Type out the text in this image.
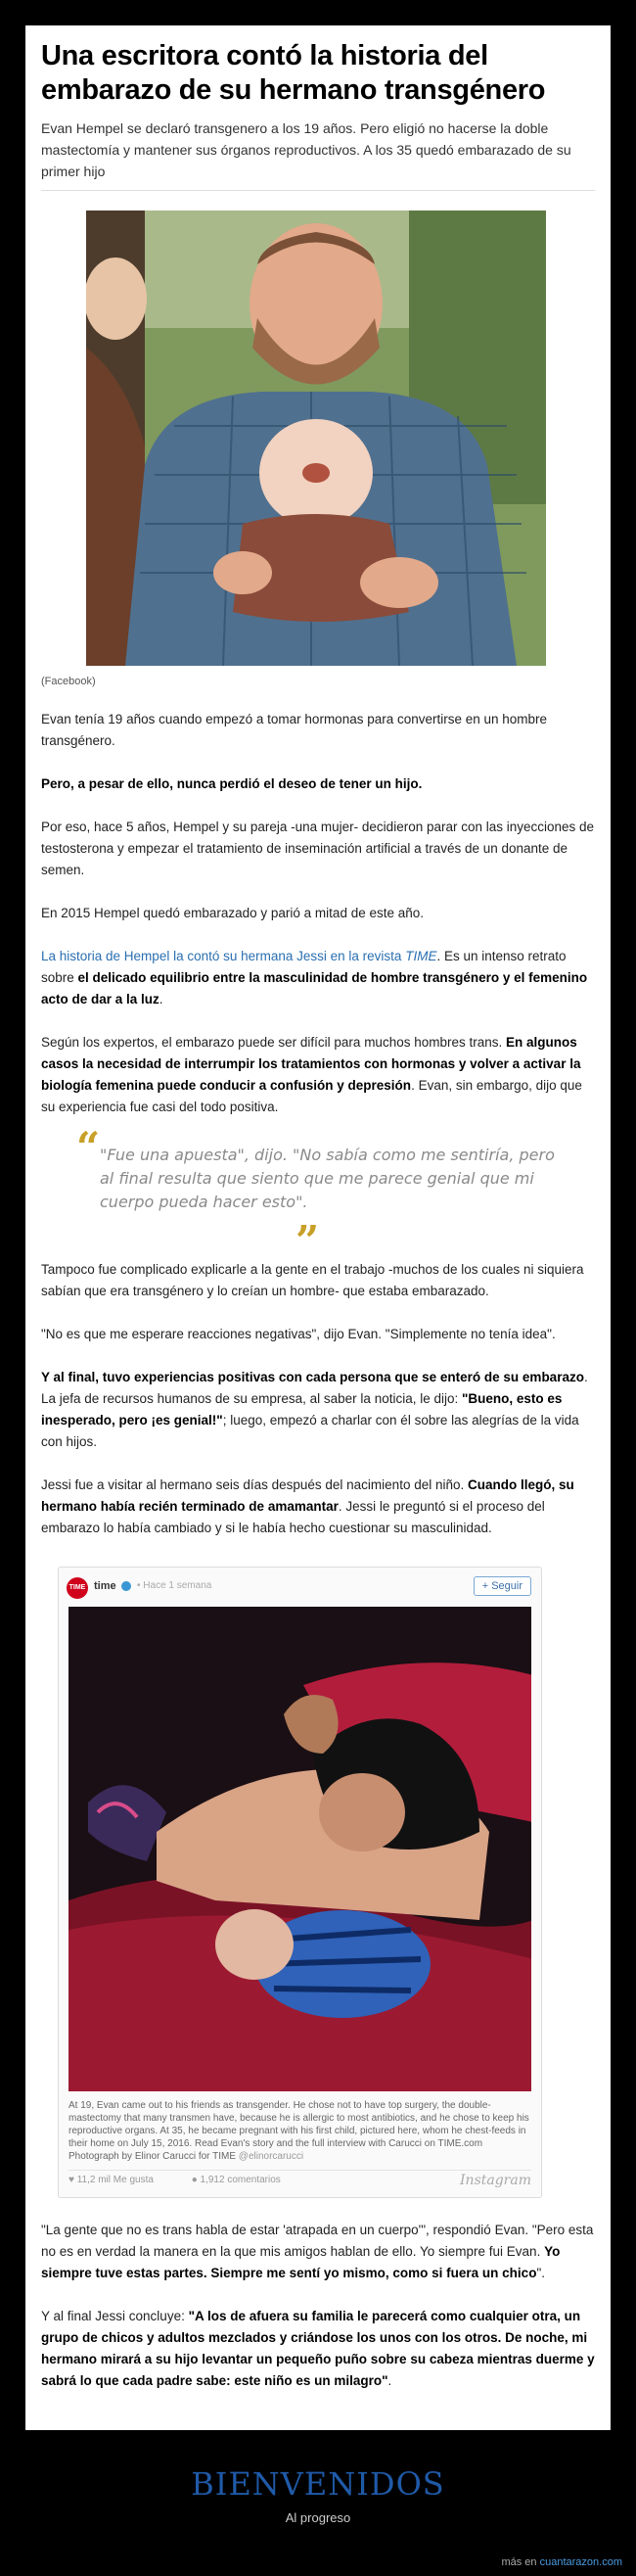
Una escritora contó la historia del embarazo de su hermano transgénero
Evan Hempel se declaró transgenero a los 19 años. Pero eligió no hacerse la doble mastectomía y mantener sus órganos reproductivos. A los 35 quedó embarazado de su primer hijo
(Facebook)

Evan tenía 19 años cuando empezó a tomar hormonas para convertirse en un hombre transgénero.

Pero, a pesar de ello, nunca perdió el deseo de tener un hijo.

Por eso, hace 5 años, Hempel y su pareja -una mujer- decidieron parar con las inyecciones de testosterona y empezar el tratamiento de inseminación artificial a través de un donante de semen.

En 2015 Hempel quedó embarazado y parió a mitad de este año.

La historia de Hempel la contó su hermana Jessi en la revista TIME. Es un intenso retrato sobre el delicado equilibrio entre la masculinidad de hombre transgénero y el femenino acto de dar a la luz.

Según los expertos, el embarazo puede ser difícil para muchos hombres trans. En algunos casos la necesidad de interrumpir los tratamientos con hormonas y volver a activar la biología femenina puede conducir a confusión y depresión. Evan, sin embargo, dijo que su experiencia fue casi del todo positiva.

“ "Fue una apuesta", dijo. "No sabía como me sentiría, pero al final resulta que siento que me parece genial que mi cuerpo pueda hacer esto".
”

Tampoco fue complicado explicarle a la gente en el trabajo -muchos de los cuales ni siquiera sabían que era transgénero y lo creían un hombre- que estaba embarazado.

"No es que me esperare reacciones negativas", dijo Evan. "Simplemente no tenía idea".

Y al final, tuvo experiencias positivas con cada persona que se enteró de su embarazo. La jefa de recursos humanos de su empresa, al saber la noticia, le dijo: "Bueno, esto es inesperado, pero ¡es genial!"; luego, empezó a charlar con él sobre las alegrías de la vida con hijos.

Jessi fue a visitar al hermano seis días después del nacimiento del niño. Cuando llegó, su hermano había recién terminado de amamantar. Jessi le preguntó si el proceso del embarazo lo había cambiado y si le había hecho cuestionar su masculinidad.

TIME time • Hace 1 semana	+ Seguir
At 19, Evan came out to his friends as transgender. He chose not to have top surgery, the double-mastectomy that many transmen have, because he is allergic to most antibiotics, and he chose to keep his reproductive organs. At 35, he became pregnant with his first child, pictured here, whom he chest-feeds in their home on July 15, 2016. Read Evan's story and the full interview with Carucci on TIME.com Photograph by Elinor Carucci for TIME @elinorcarucci
♥ 11,2 mil Me gusta	● 1,912 comentarios	Instagram

"La gente que no es trans habla de estar 'atrapada en un cuerpo'", respondió Evan. "Pero esta no es en verdad la manera en la que mis amigos hablan de ello. Yo siempre fui Evan. Yo siempre tuve estas partes. Siempre me sentí yo mismo, como si fuera un chico".

Y al final Jessi concluye: "A los de afuera su familia le parecerá como cualquier otra, un grupo de chicos y adultos mezclados y criándose los unos con los otros. De noche, mi hermano mirará a su hijo levantar un pequeño puño sobre su cabeza mientras duerme y sabrá lo que cada padre sabe: este niño es un milagro".

BIENVENIDOS
Al progreso
más en cuantarazon.com
